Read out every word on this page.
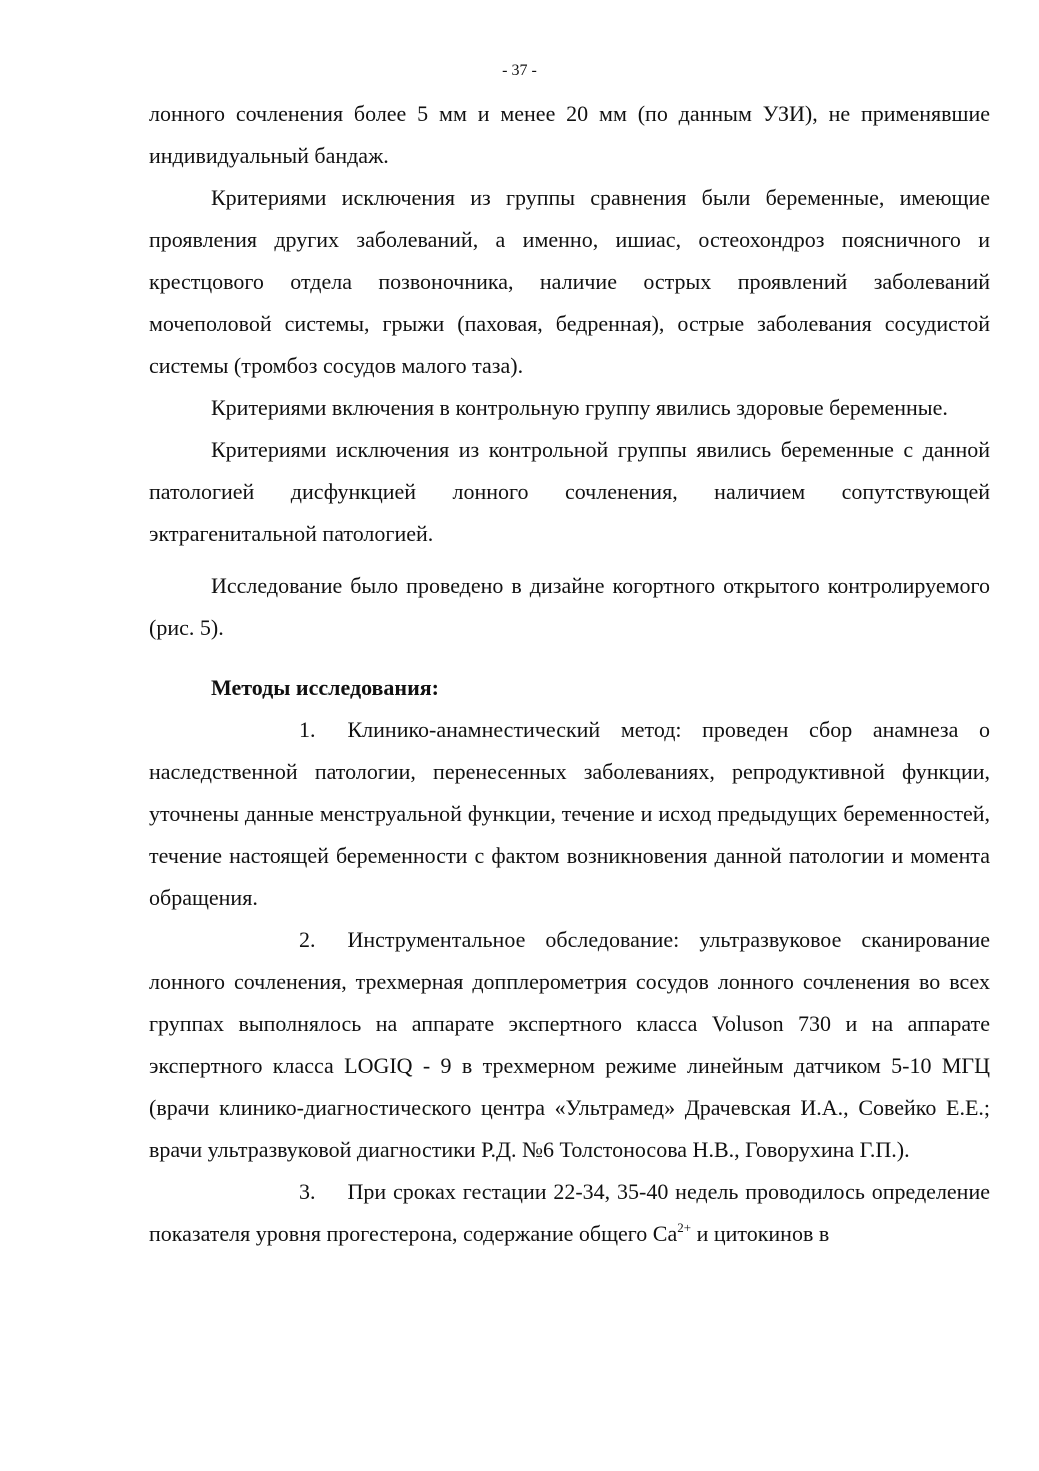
- 37 -

лонного сочленения более 5 мм и менее 20 мм (по данным УЗИ), не применявшие индивидуальный бандаж.

Критериями исключения из группы сравнения были беременные, имеющие проявления других заболеваний, а именно, ишиас, остеохондроз поясничного и крестцового отдела позвоночника, наличие острых проявлений заболеваний мочеполовой системы, грыжи (паховая, бедренная), острые заболевания сосудистой системы (тромбоз сосудов малого таза).

Критериями включения в контрольную группу явились здоровые беременные.

Критериями исключения из контрольной группы явились беременные с данной патологией дисфункцией лонного сочленения, наличием сопутствующей эктрагенитальной патологией.

Исследование было проведено в дизайне когортного открытого контролируемого (рис. 5).

Методы исследования:

1. Клинико-анамнестический метод: проведен сбор анамнеза о наследственной патологии, перенесенных заболеваниях, репродуктивной функции, уточнены данные менструальной функции, течение и исход предыдущих беременностей, течение настоящей беременности с фактом возникновения данной патологии и момента обращения.

2. Инструментальное обследование: ультразвуковое сканирование лонного сочленения, трехмерная допплерометрия сосудов лонного сочленения во всех группах выполнялось на аппарате экспертного класса Voluson 730 и на аппарате экспертного класса LOGIQ - 9 в трехмерном режиме линейным датчиком 5-10 МГЦ (врачи клинико-диагностического центра «Ультрамед» Драчевская И.А., Совейко Е.Е.; врачи ультразвуковой диагностики Р.Д. №6 Толстоносова Н.В., Говорухина Г.П.).

3. При сроках гестации 22-34, 35-40 недель проводилось определение показателя уровня прогестерона, содержание общего $Ca^{2+}$ и цитокинов в
